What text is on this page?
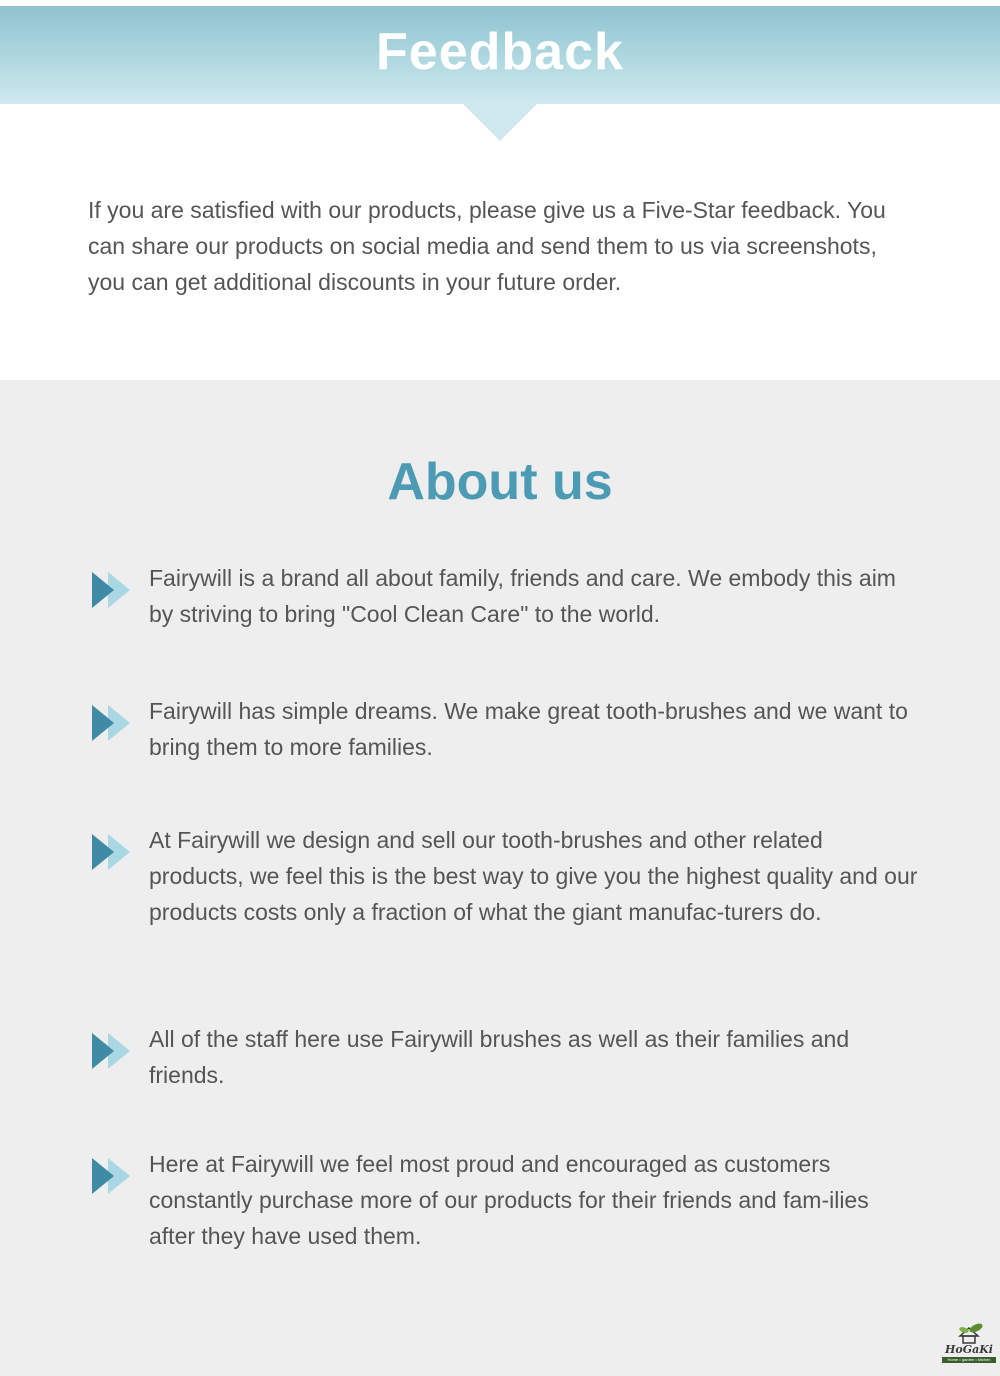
Feedback
If you are satisfied with our products, please give us a Five-Star feedback. You can share our products on social media and send them to us via screenshots, you can get additional discounts in your future order.
About us
Fairywill is a brand all about family, friends and care. We embody this aim by striving to bring "Cool Clean Care" to the world.
Fairywill has simple dreams. We make great tooth-brushes and we want to bring them to more families.
At Fairywill we design and sell our tooth-brushes and other related products, we feel this is the best way to give you the highest quality and our products costs only a fraction of what the giant manufac-turers do.
All of the staff here use Fairywill brushes as well as their families and friends.
Here at Fairywill we feel most proud and encouraged as customers constantly purchase more of our products for their friends and fam-ilies after they have used them.
HoGaKi
Home • garden • kitchen
